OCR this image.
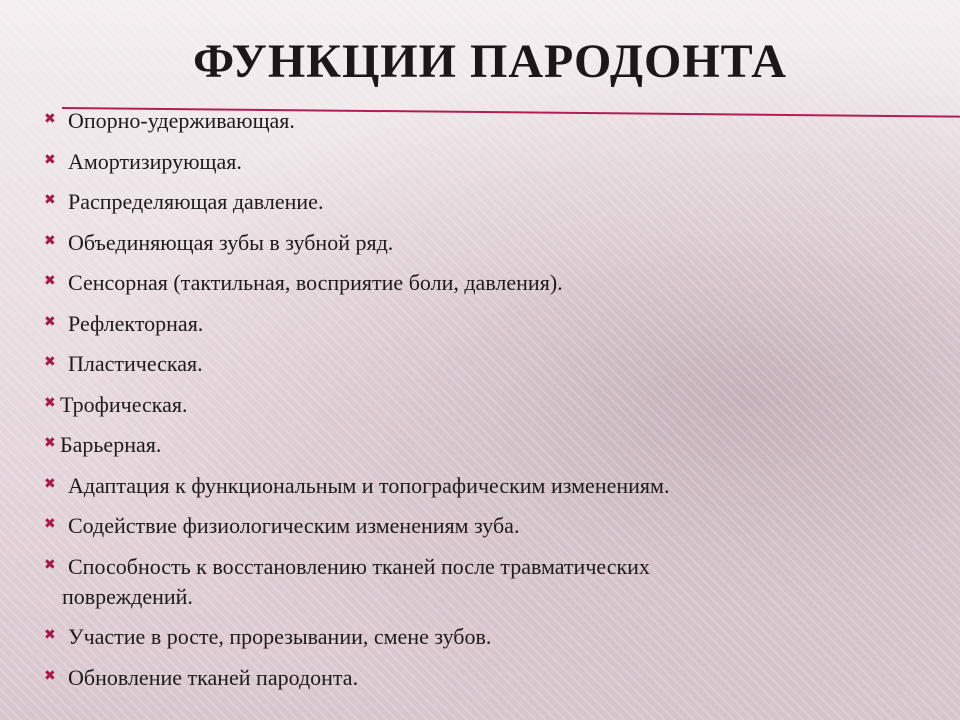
ФУНКЦИИ ПАРОДОНТА
✖ Опорно-удерживающая.
✖ Амортизирующая.
✖ Распределяющая давление.
✖ Объединяющая зубы в зубной ряд.
✖ Сенсорная (тактильная, восприятие боли, давления).
✖ Рефлекторная.
✖ Пластическая.
✖ Трофическая.
✖ Барьерная.
✖ Адаптация к функциональным и топографическим изменениям.
✖ Содействие физиологическим изменениям зуба.
✖ Способность к восстановлению тканей после травматических
повреждений.
✖ Участие в росте, прорезывании, смене зубов.
✖ Обновление тканей пародонта.
